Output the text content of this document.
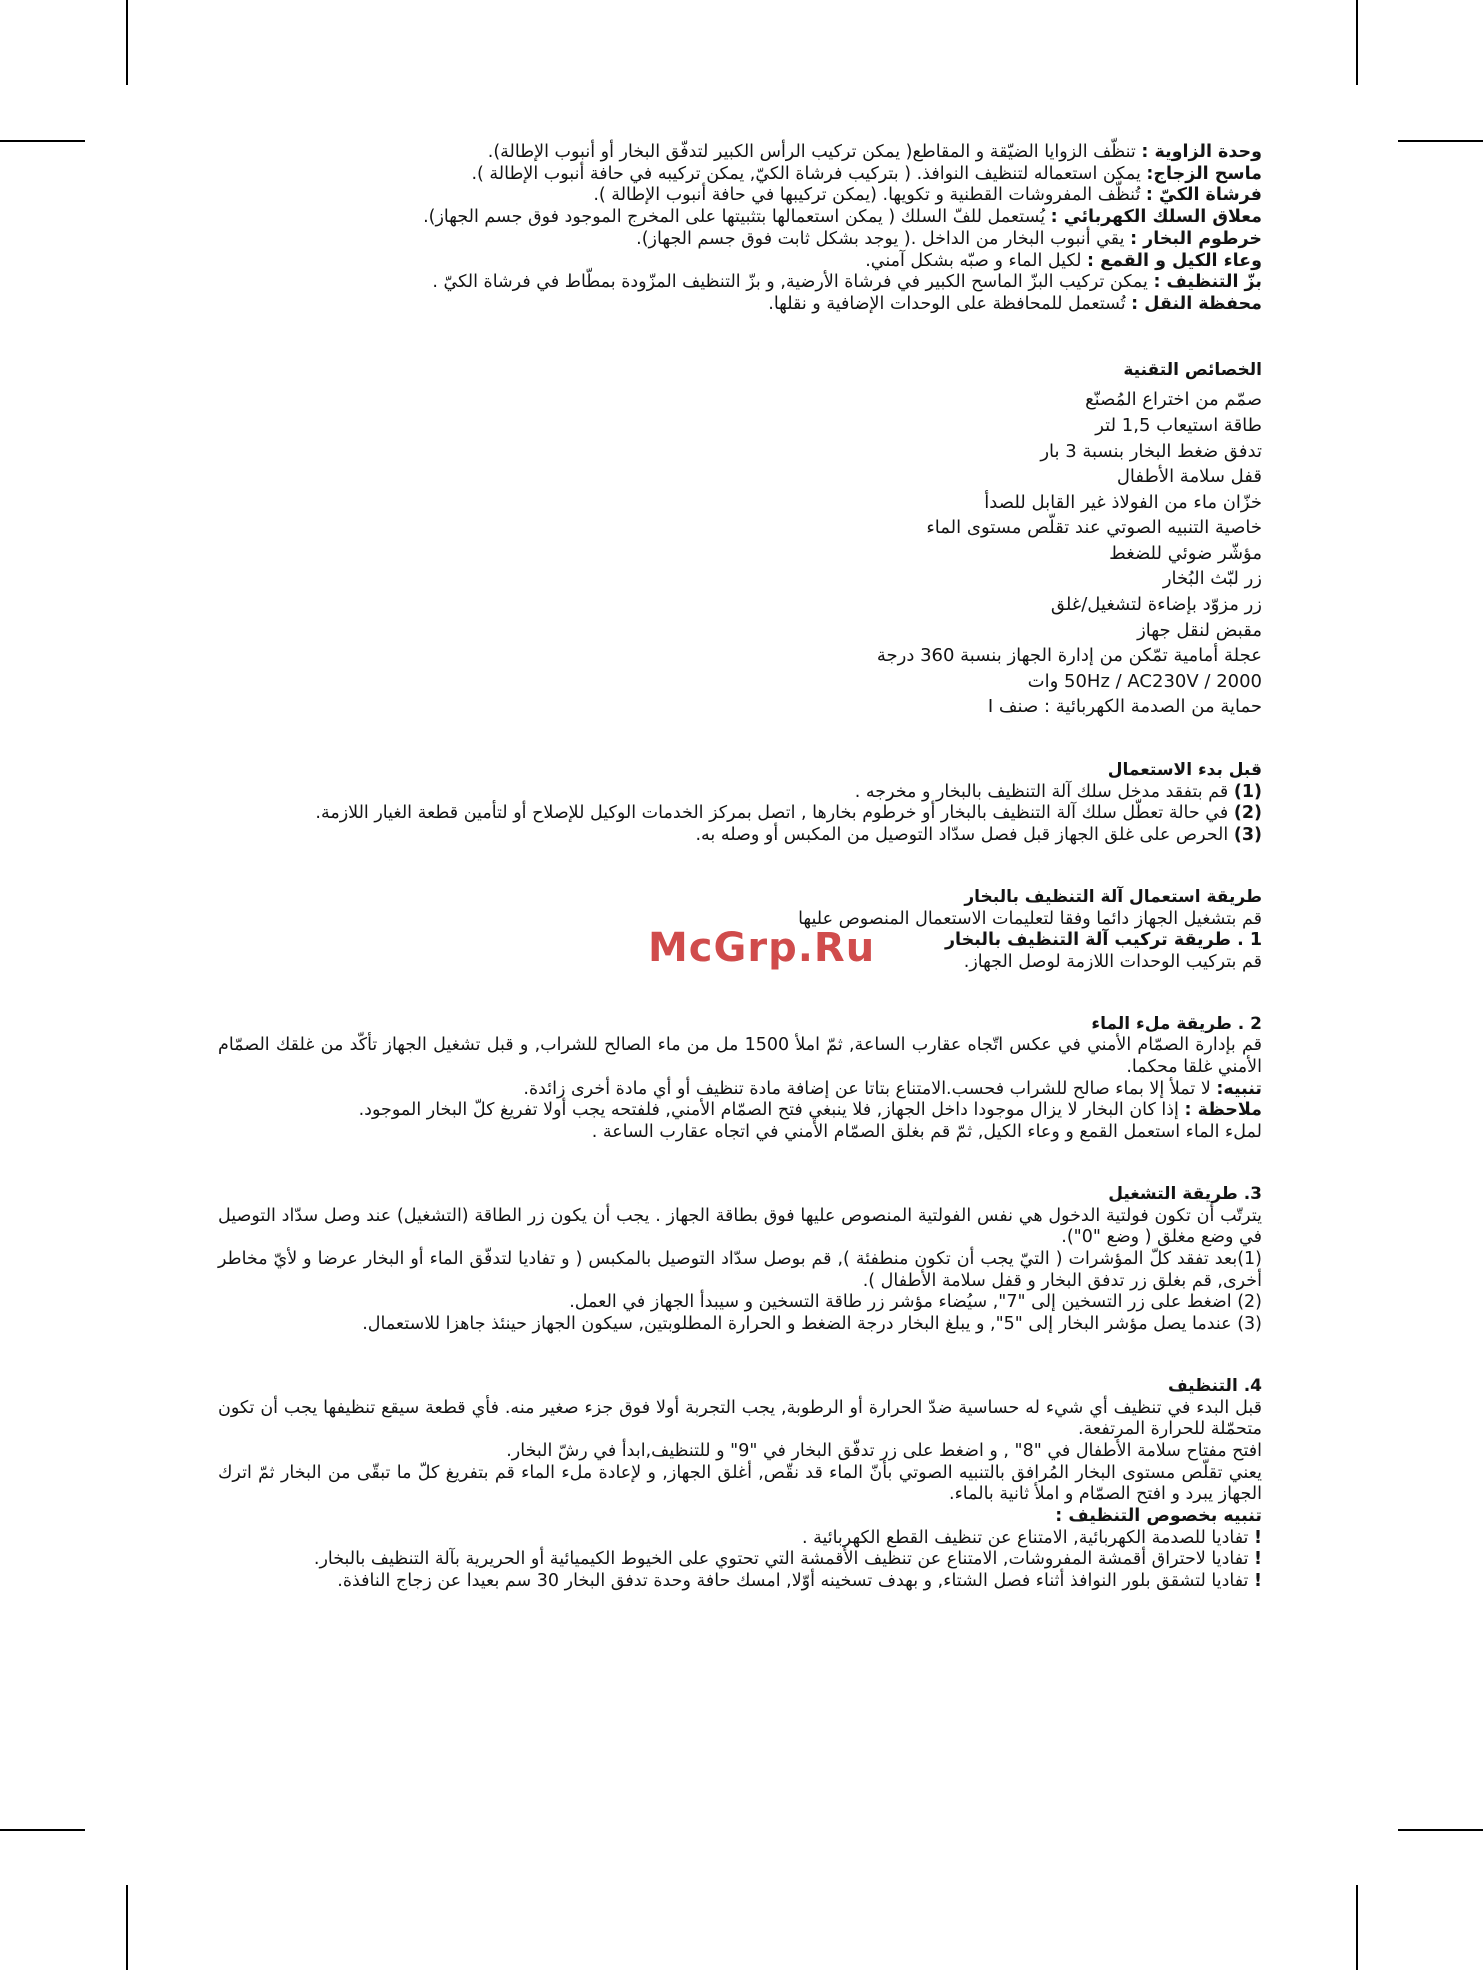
وحدة الزاوية : تنظّف الزوايا الضيّقة و المقاطع( يمكن تركيب الرأس الكبير لتدفّق البخار أو أنبوب الإطالة).
ماسح الزجاج: يمكن استعماله لتنظيف النوافذ. ( بتركيب فرشاة الكيّ, يمكن تركيبه في حافة أنبوب الإطالة ).
فرشاة الكيّ : تُنظّف المفروشات القطنية و تكويها. (يمكن تركيبها في حافة أنبوب الإطالة ).
معلاق السلك الكهربائي : يُستعمل للفّ السلك ( يمكن استعمالها بتثبيتها على المخرج الموجود فوق جسم الجهاز).
خرطوم البخار : يقي أنبوب البخار من الداخل .( يوجد بشكل ثابت فوق جسم الجهاز).
وعاء الكيل و القمع : لكيل الماء و صبّه بشكل آمني.
بزّ التنظيف : يمكن تركيب البزّ الماسح الكبير في فرشاة الأرضية, و بزّ التنظيف المزّودة بمطّاط في فرشاة الكيّ .
محفظة النقل : تُستعمل للمحافظة على الوحدات الإضافية و نقلها.
الخصائص التقنية
صمّم من اختراع المُصنّع
طاقة استيعاب 1,5 لتر
تدفق ضغط البخار بنسبة 3 بار
قفل سلامة الأطفال
خزّان ماء من الفولاذ غير القابل للصدأ
خاصية التنبيه الصوتي عند تقلّص مستوى الماء
مؤشّر ضوئي للضغط
زر لبّث البُخار
زر مزوّد بإضاءة لتشغيل/غلق
مقبض لنقل جهاز
عجلة أمامية تمّكن من إدارة الجهاز بنسبة 360 درجة
2000 / 50Hz / AC230V وات
حماية من الصدمة الكهربائية : صنف I
قبل بدء الاستعمال
(1) قم بتفقد مدخل سلك آلة التنظيف بالبخار و مخرجه .
(2) في حالة تعطّل سلك آلة التنظيف بالبخار أو خرطوم بخارها , اتصل بمركز الخدمات الوكيل للإصلاح أو لتأمين قطعة الغيار اللازمة.
(3) الحرص على غلق الجهاز قبل فصل سدّاد التوصيل من المكبس أو وصله به.
طريقة استعمال آلة التنظيف بالبخار
قم بتشغيل الجهاز دائما وفقا لتعليمات الاستعمال المنصوص عليها
1 . طريقة تركيب آلة التنظيف بالبخار
قم بتركيب الوحدات اللازمة لوصل الجهاز.
2 . طريقة ملء الماء
قم بإدارة الصمّام الأمني في عكس اتّجاه عقارب الساعة, ثمّ املأ 1500 مل من ماء الصالح للشراب, و قبل تشغيل الجهاز تأكّد من غلقك الصمّام الأمني غلقا محكما.
تنبيه: لا تملأ إلا بماء صالح للشراب فحسب.الامتناع بتاتا عن إضافة مادة تنظيف أو أي مادة أخرى زائدة.
ملاحظة : إذا كان البخار لا يزال موجودا داخل الجهاز, فلا ينبغي فتح الصمّام الأمني, فلفتحه يجب أولا تفريغ كلّ البخار الموجود.
لملء الماء استعمل القمع و وعاء الكيل, ثمّ قم بغلق الصمّام الأمني في اتجاه عقارب الساعة .
3. طريقة التشغيل
يترتّب أن تكون فولتية الدخول هي نفس الفولتية المنصوص عليها فوق بطاقة الجهاز . يجب أن يكون زر الطاقة (التشغيل) عند وصل سدّاد التوصيل في وضع مغلق ( وضع "0").
(1)بعد تفقد كلّ المؤشرات ( التيّ يجب أن تكون منطفئة ), قم بوصل سدّاد التوصيل بالمكبس ( و تفاديا لتدفّق الماء أو البخار عرضا و لأيّ مخاطر أخرى, قم بغلق زر تدفق البخار و قفل سلامة الأطفال ).
(2) اضغط على زر التسخين إلى "7", سيُضاء مؤشر زر طاقة التسخين و سيبدأ الجهاز في العمل.
(3) عندما يصل مؤشر البخار إلى "5", و يبلغ البخار درجة الضغط و الحرارة المطلوبتين, سيكون الجهاز حينئذ جاهزا للاستعمال.
4. التنظيف
قبل البدء في تنظيف أي شيء له حساسية ضدّ الحرارة أو الرطوبة, يجب التجربة أولا فوق جزء صغير منه. فأي قطعة سيقع تنظيفها يجب أن تكون متحمّلة للحرارة المرتفعة.
افتح مفتاح سلامة الأطفال في "8" , و اضغط على زر تدفّق البخار في "9" و للتنظيف,ابدأ في رشّ البخار.
يعني تقلّص مستوى البخار المُرافق بالتنبيه الصوتي بأنّ الماء قد نقّص, أغلق الجهاز, و لإعادة ملء الماء قم بتفريغ كلّ ما تبقّى من البخار ثمّ اترك الجهاز يبرد و افتح الصمّام و املأ ثانية بالماء.
تنبيه بخصوص التنظيف :
! تفاديا للصدمة الكهربائية, الامتناع عن تنظيف القطع الكهربائية .
! تفاديا لاحتراق أقمشة المفروشات, الامتناع عن تنظيف الأقمشة التي تحتوي على الخيوط الكيميائية أو الحريرية بآلة التنظيف بالبخار.
! تفاديا لتشقق بلور النوافذ أثناء فصل الشتاء, و بهدف تسخينه أوّلا, امسك حافة وحدة تدفق البخار 30 سم بعيدا عن زجاج النافذة.
McGrp.Ru
